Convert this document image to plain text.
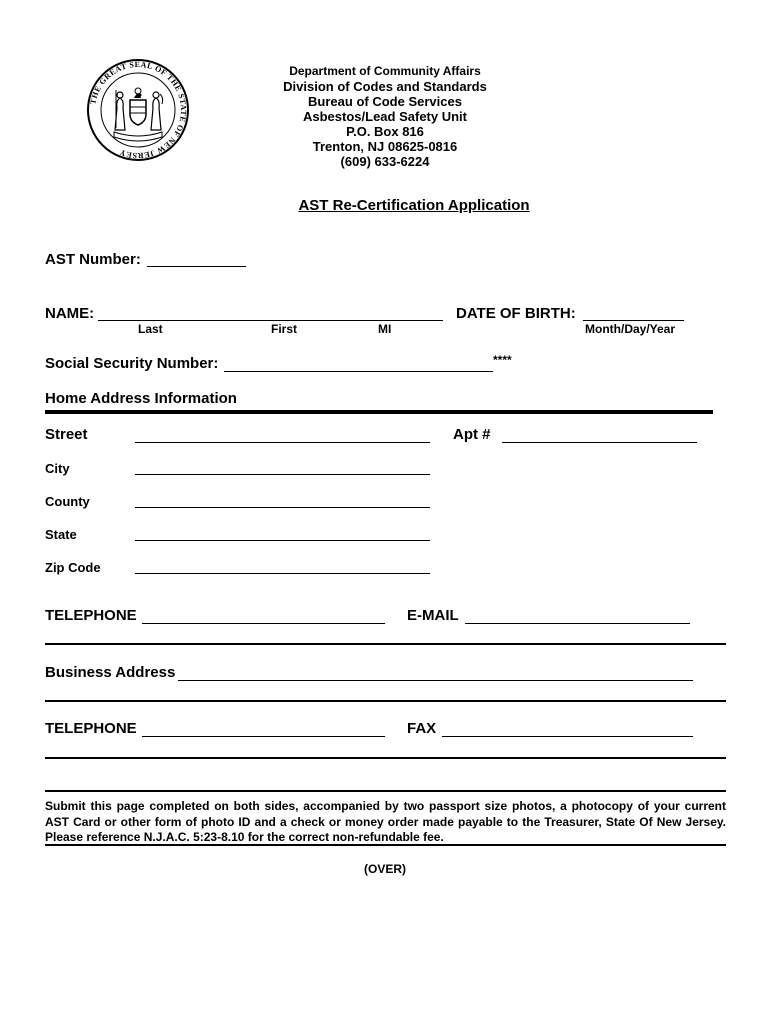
THE GREAT SEAL OF THE STATE OF NEW JERSEY
Department of Community Affairs
Division of Codes and Standards
Bureau of Code Services
Asbestos/Lead Safety Unit
P.O. Box 816
Trenton, NJ 08625-0816
(609) 633-6224
AST Re-Certification Application
AST Number:
NAME:
Last	First	MI
DATE OF BIRTH:
Month/Day/Year
Social Security Number:	****
Home Address Information
Street	Apt #
City
County
State
Zip Code
TELEPHONE	E-MAIL
Business Address
TELEPHONE	FAX
Submit this page completed on both sides, accompanied by two passport size photos, a photocopy of your current AST Card or other form of photo ID and a check or money order made payable to the Treasurer, State Of New Jersey. Please reference N.J.A.C. 5:23-8.10 for the correct non-refundable fee.
(OVER)
